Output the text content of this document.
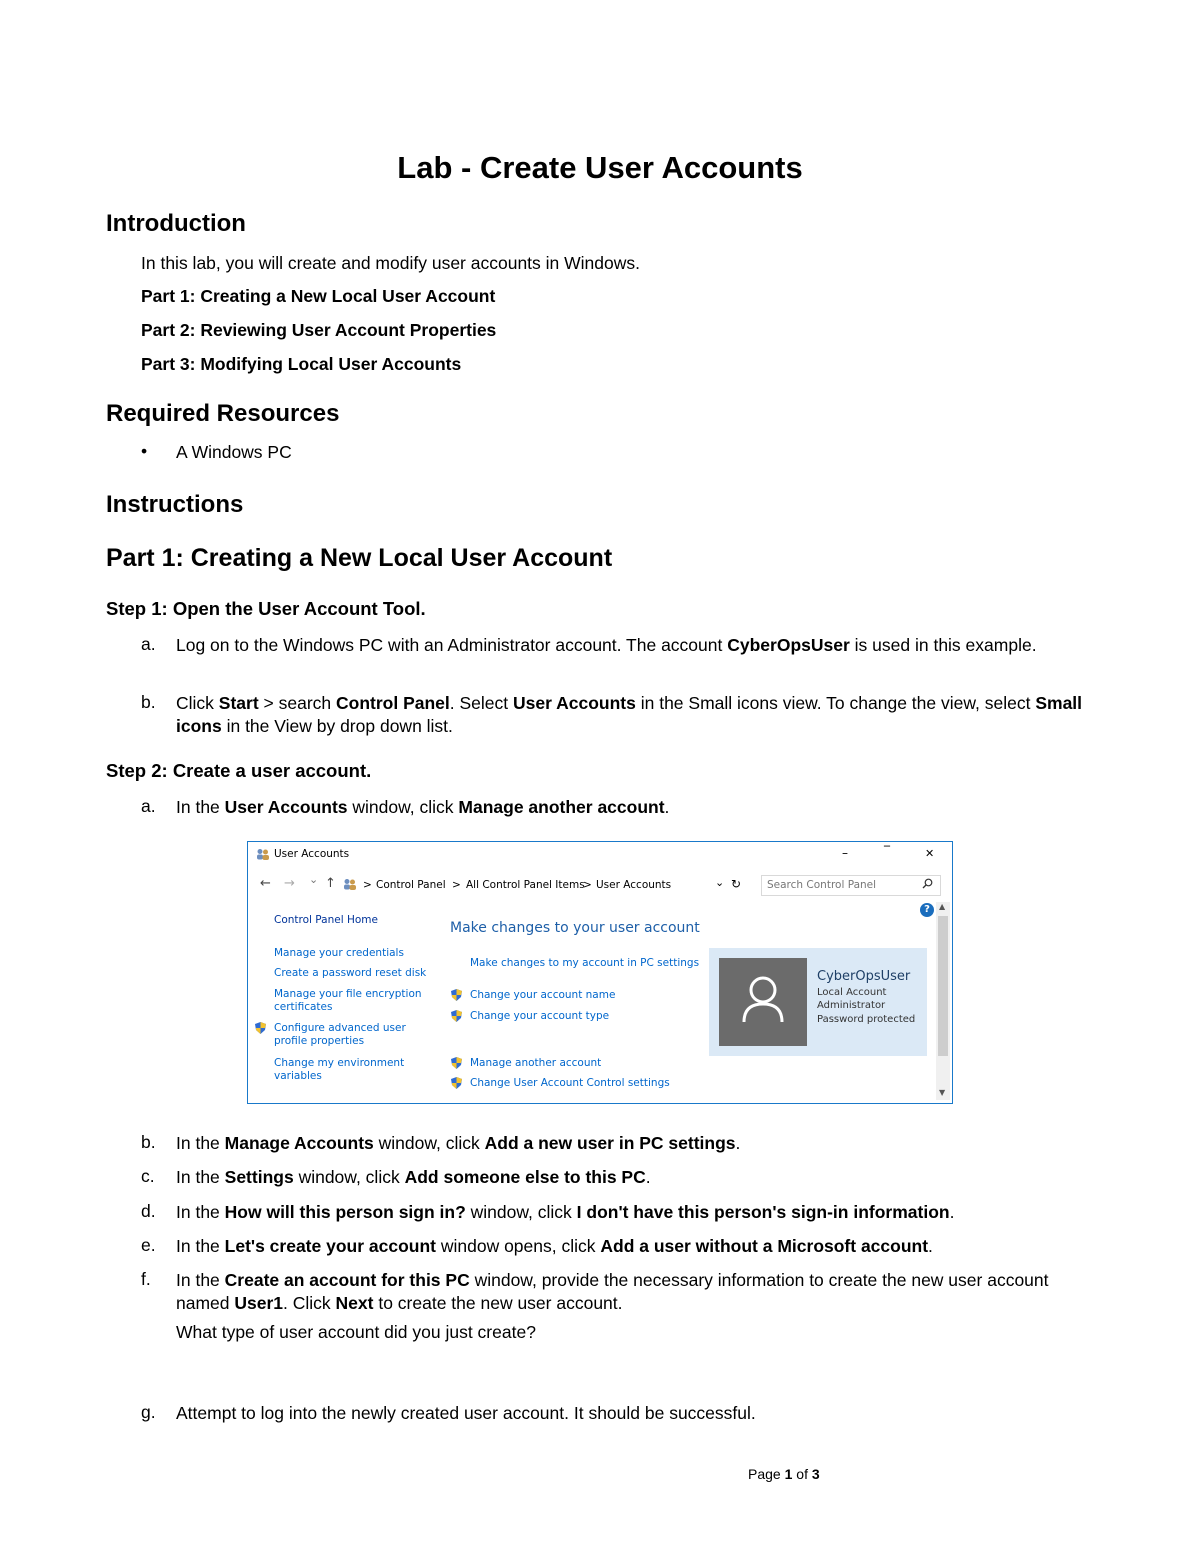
Lab - Create User Accounts
Introduction

In this lab, you will create and modify user accounts in Windows.

Part 1: Creating a New Local User Account

Part 2: Reviewing User Account Properties

Part 3: Modifying Local User Accounts

Required Resources
• A Windows PC
Instructions
Part 1: Creating a New Local User Account
Step 1: Open the User Account Tool.
a. Log on to the Windows PC with an Administrator account. The account CyberOpsUser is used in this example.
b. Click Start > search Control Panel. Select User Accounts in the Small icons view. To change the view, select Small icons in the View by drop down list.
Step 2: Create a user account.
a. In the User Accounts window, click Manage another account.
User Accounts	–	‾	✕
← → ⌄ ↑	> Control Panel > All Control Panel Items
> User Accounts	⌄ ↻ Search Control Panel
?
Control Panel Home
Manage your credentials
Create a password reset disk
Manage your file encryption certificates
Configure advanced user profile properties
Change my environment variables
Make changes to your user account
Make changes to my account in PC settings
Change your account name
Change your account type
Manage another account
Change User Account Control settings
CyberOpsUser
Local Account
Administrator
Password protected
▲
▼
b. In the Manage Accounts window, click Add a new user in PC settings.
c. In the Settings window, click Add someone else to this PC.
d. In the How will this person sign in? window, click I don't have this person's sign-in information.
e. In the Let's create your account window opens, click Add a user without a Microsoft account.
f. In the Create an account for this PC window, provide the necessary information to create the new user account named User1. Click Next to create the new user account.
What type of user account did you just create?
g. Attempt to log into the newly created user account. It should be successful.
Page 1 of 3
